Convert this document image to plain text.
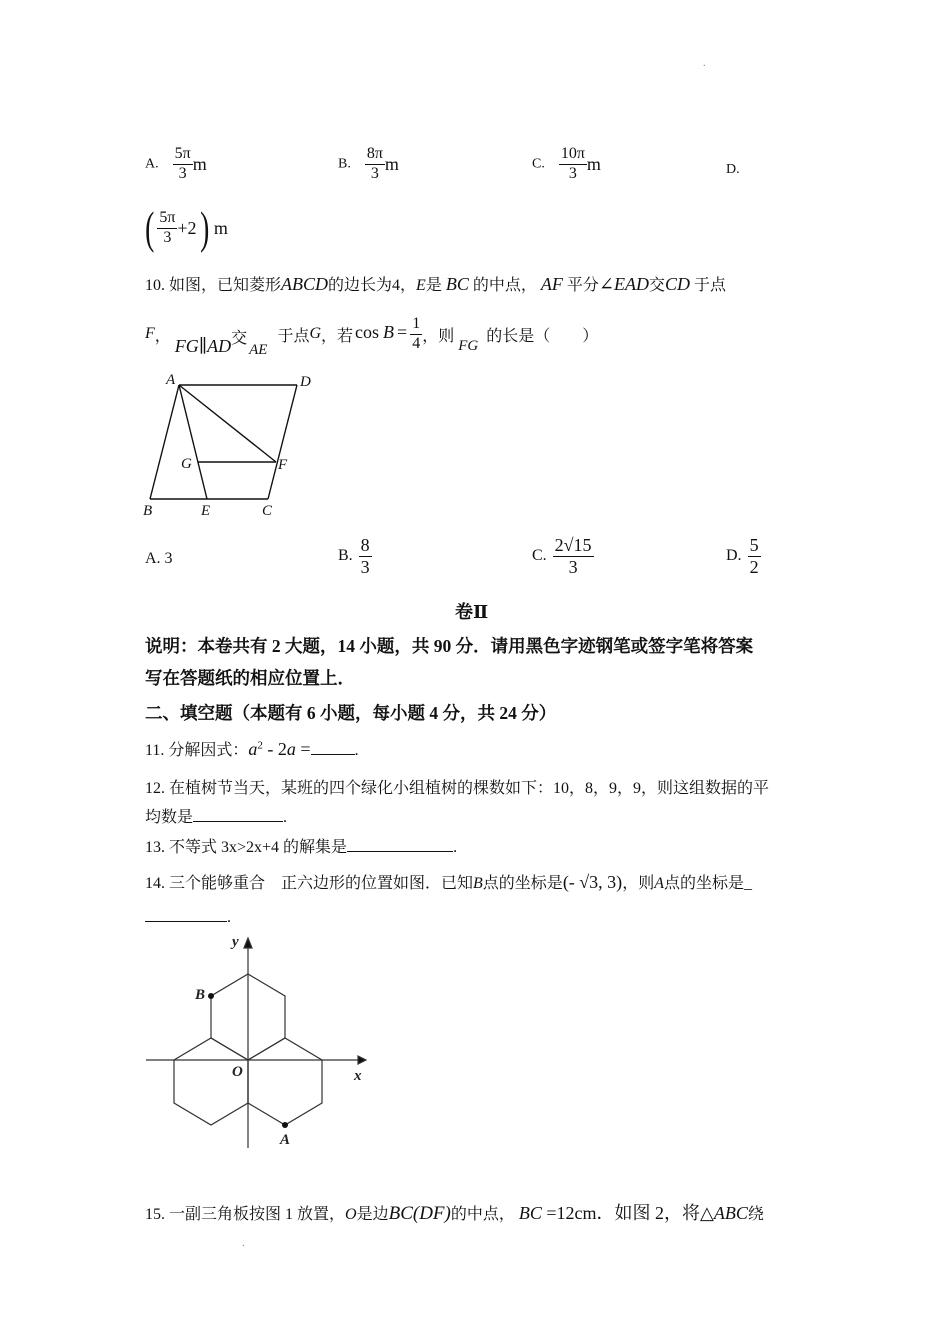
.
A. $\frac{5\pi}{3}$ m	B. $\frac{8\pi}{3}$ m	C. $\frac{10\pi}{3}$ m	D.
( $\frac{5\pi}{3} +2$ ) m
10. 如图，已知菱形ABCD的边长为4，E是 BC 的中点， AF 平分∠EAD交CD 于点
F ， FG∥AD 交
AE
于点 G ，若 $\cos B = \frac{1}{4}$ ，则
FG
的长是（　　）
A	D
G	F
B	E	C
A. 3	B. $\frac{8}{3}$	C. $\frac{2√15}{3}$	D. $\frac{5}{2}$
卷Ⅱ
说明：本卷共有 2 大题，14 小题，共 90 分．请用黑色字迹钢笔或签字笔将答案
写在答题纸的相应位置上．
二、填空题（本题有 6 小题，每小题 4 分，共 24 分）
11. 分解因式：$a^2 - 2a$ =	.
12. 在植树节当天，某班的四个绿化小组植树的棵数如下：10，8，9，9，则这组数据的平
均数是	.
13. 不等式 3x>2x+4 的解集是	.
14. 三个能够重合　正六边形的位置如图．已知B点的坐标是(- √3, 3)，则A点的坐标是_
.
y
x
O
B
A
15. 一副三角板按图 1 放置，O是边BC(DF)的中点， BC =12cm．如图 2，将△ABC绕
.
